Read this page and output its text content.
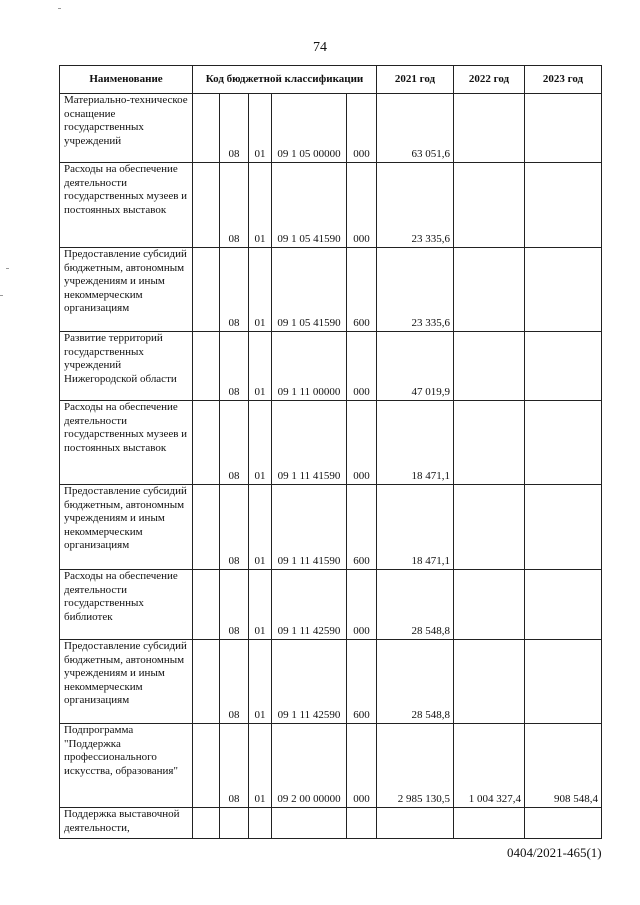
74
Наименование	Код бюджетной классификации					2021 год	2022 год	2023 год
Материально-техническое оснащение государственных учреждений		08	01	09 1 05 00000	000	63 051,6		
Расходы на обеспечение деятельности государственных музеев и постоянных выставок		08	01	09 1 05 41590	000	23 335,6		
Предоставление субсидий бюджетным, автономным учреждениям и иным некоммерческим организациям		08	01	09 1 05 41590	600	23 335,6		
Развитие территорий государственных учреждений Нижегородской области		08	01	09 1 11 00000	000	47 019,9		
Расходы на обеспечение деятельности государственных музеев и постоянных выставок		08	01	09 1 11 41590	000	18 471,1		
Предоставление субсидий бюджетным, автономным учреждениям и иным некоммерческим организациям		08	01	09 1 11 41590	600	18 471,1		
Расходы на обеспечение деятельности государственных библиотек		08	01	09 1 11 42590	000	28 548,8		
Предоставление субсидий бюджетным, автономным учреждениям и иным некоммерческим организациям		08	01	09 1 11 42590	600	28 548,8		
Подпрограмма "Поддержка профессионального искусства, образования"		08	01	09 2 00 00000	000	2 985 130,5	1 004 327,4	908 548,4
Поддержка выставочной деятельности,								
0404/2021-465(1)
